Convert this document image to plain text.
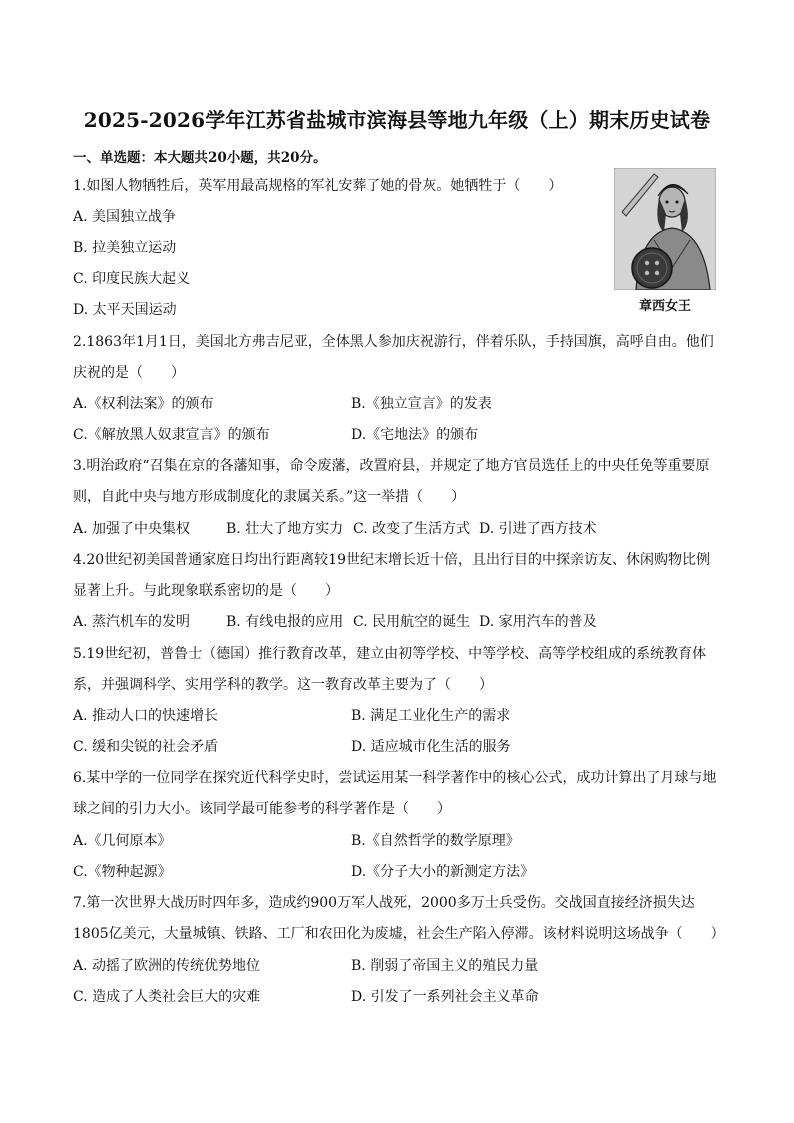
2025-2026学年江苏省盐城市滨海县等地九年级（上）期末历史试卷
一、单选题：本大题共20小题，共20分。
章西女王
1.如图人物牺牲后，英军用最高规格的军礼安葬了她的骨灰。她牺牲于（　　）
A. 美国独立战争
B. 拉美独立运动
C. 印度民族大起义
D. 太平天国运动
2.1863年1月1日，美国北方弗吉尼亚，全体黑人参加庆祝游行，伴着乐队，手持国旗，高呼自由。他们
庆祝的是（　　）
A.《权利法案》的颁布	B.《独立宣言》的发表
C.《解放黑人奴隶宣言》的颁布	D.《宅地法》的颁布
3.明治政府“召集在京的各藩知事，命令废藩，改置府县，并规定了地方官员选任上的中央任免等重要原
则，自此中央与地方形成制度化的隶属关系。”这一举措（　　）
A. 加强了中央集权	B. 壮大了地方实力 C. 改变了生活方式 D. 引进了西方技术
4.20世纪初美国普通家庭日均出行距离较19世纪末增长近十倍，且出行目的中探亲访友、休闲购物比例
显著上升。与此现象联系密切的是（　　）
A. 蒸汽机车的发明	B. 有线电报的应用 C. 民用航空的诞生 D. 家用汽车的普及
5.19世纪初，普鲁士（德国）推行教育改革，建立由初等学校、中等学校、高等学校组成的系统教育体
系，并强调科学、实用学科的教学。这一教育改革主要为了（　　）
A. 推动人口的快速增长	B. 满足工业化生产的需求
C. 缓和尖锐的社会矛盾	D. 适应城市化生活的服务
6.某中学的一位同学在探究近代科学史时，尝试运用某一科学著作中的核心公式，成功计算出了月球与地
球之间的引力大小。该同学最可能参考的科学著作是（　　）
A.《几何原本》	B.《自然哲学的数学原理》
C.《物种起源》	D.《分子大小的新测定方法》
7.第一次世界大战历时四年多，造成约900万军人战死，2000多万士兵受伤。交战国直接经济损失达
1805亿美元，大量城镇、铁路、工厂和农田化为废墟，社会生产陷入停滞。该材料说明这场战争（　　）
A. 动摇了欧洲的传统优势地位	B. 削弱了帝国主义的殖民力量
C. 造成了人类社会巨大的灾难	D. 引发了一系列社会主义革命
